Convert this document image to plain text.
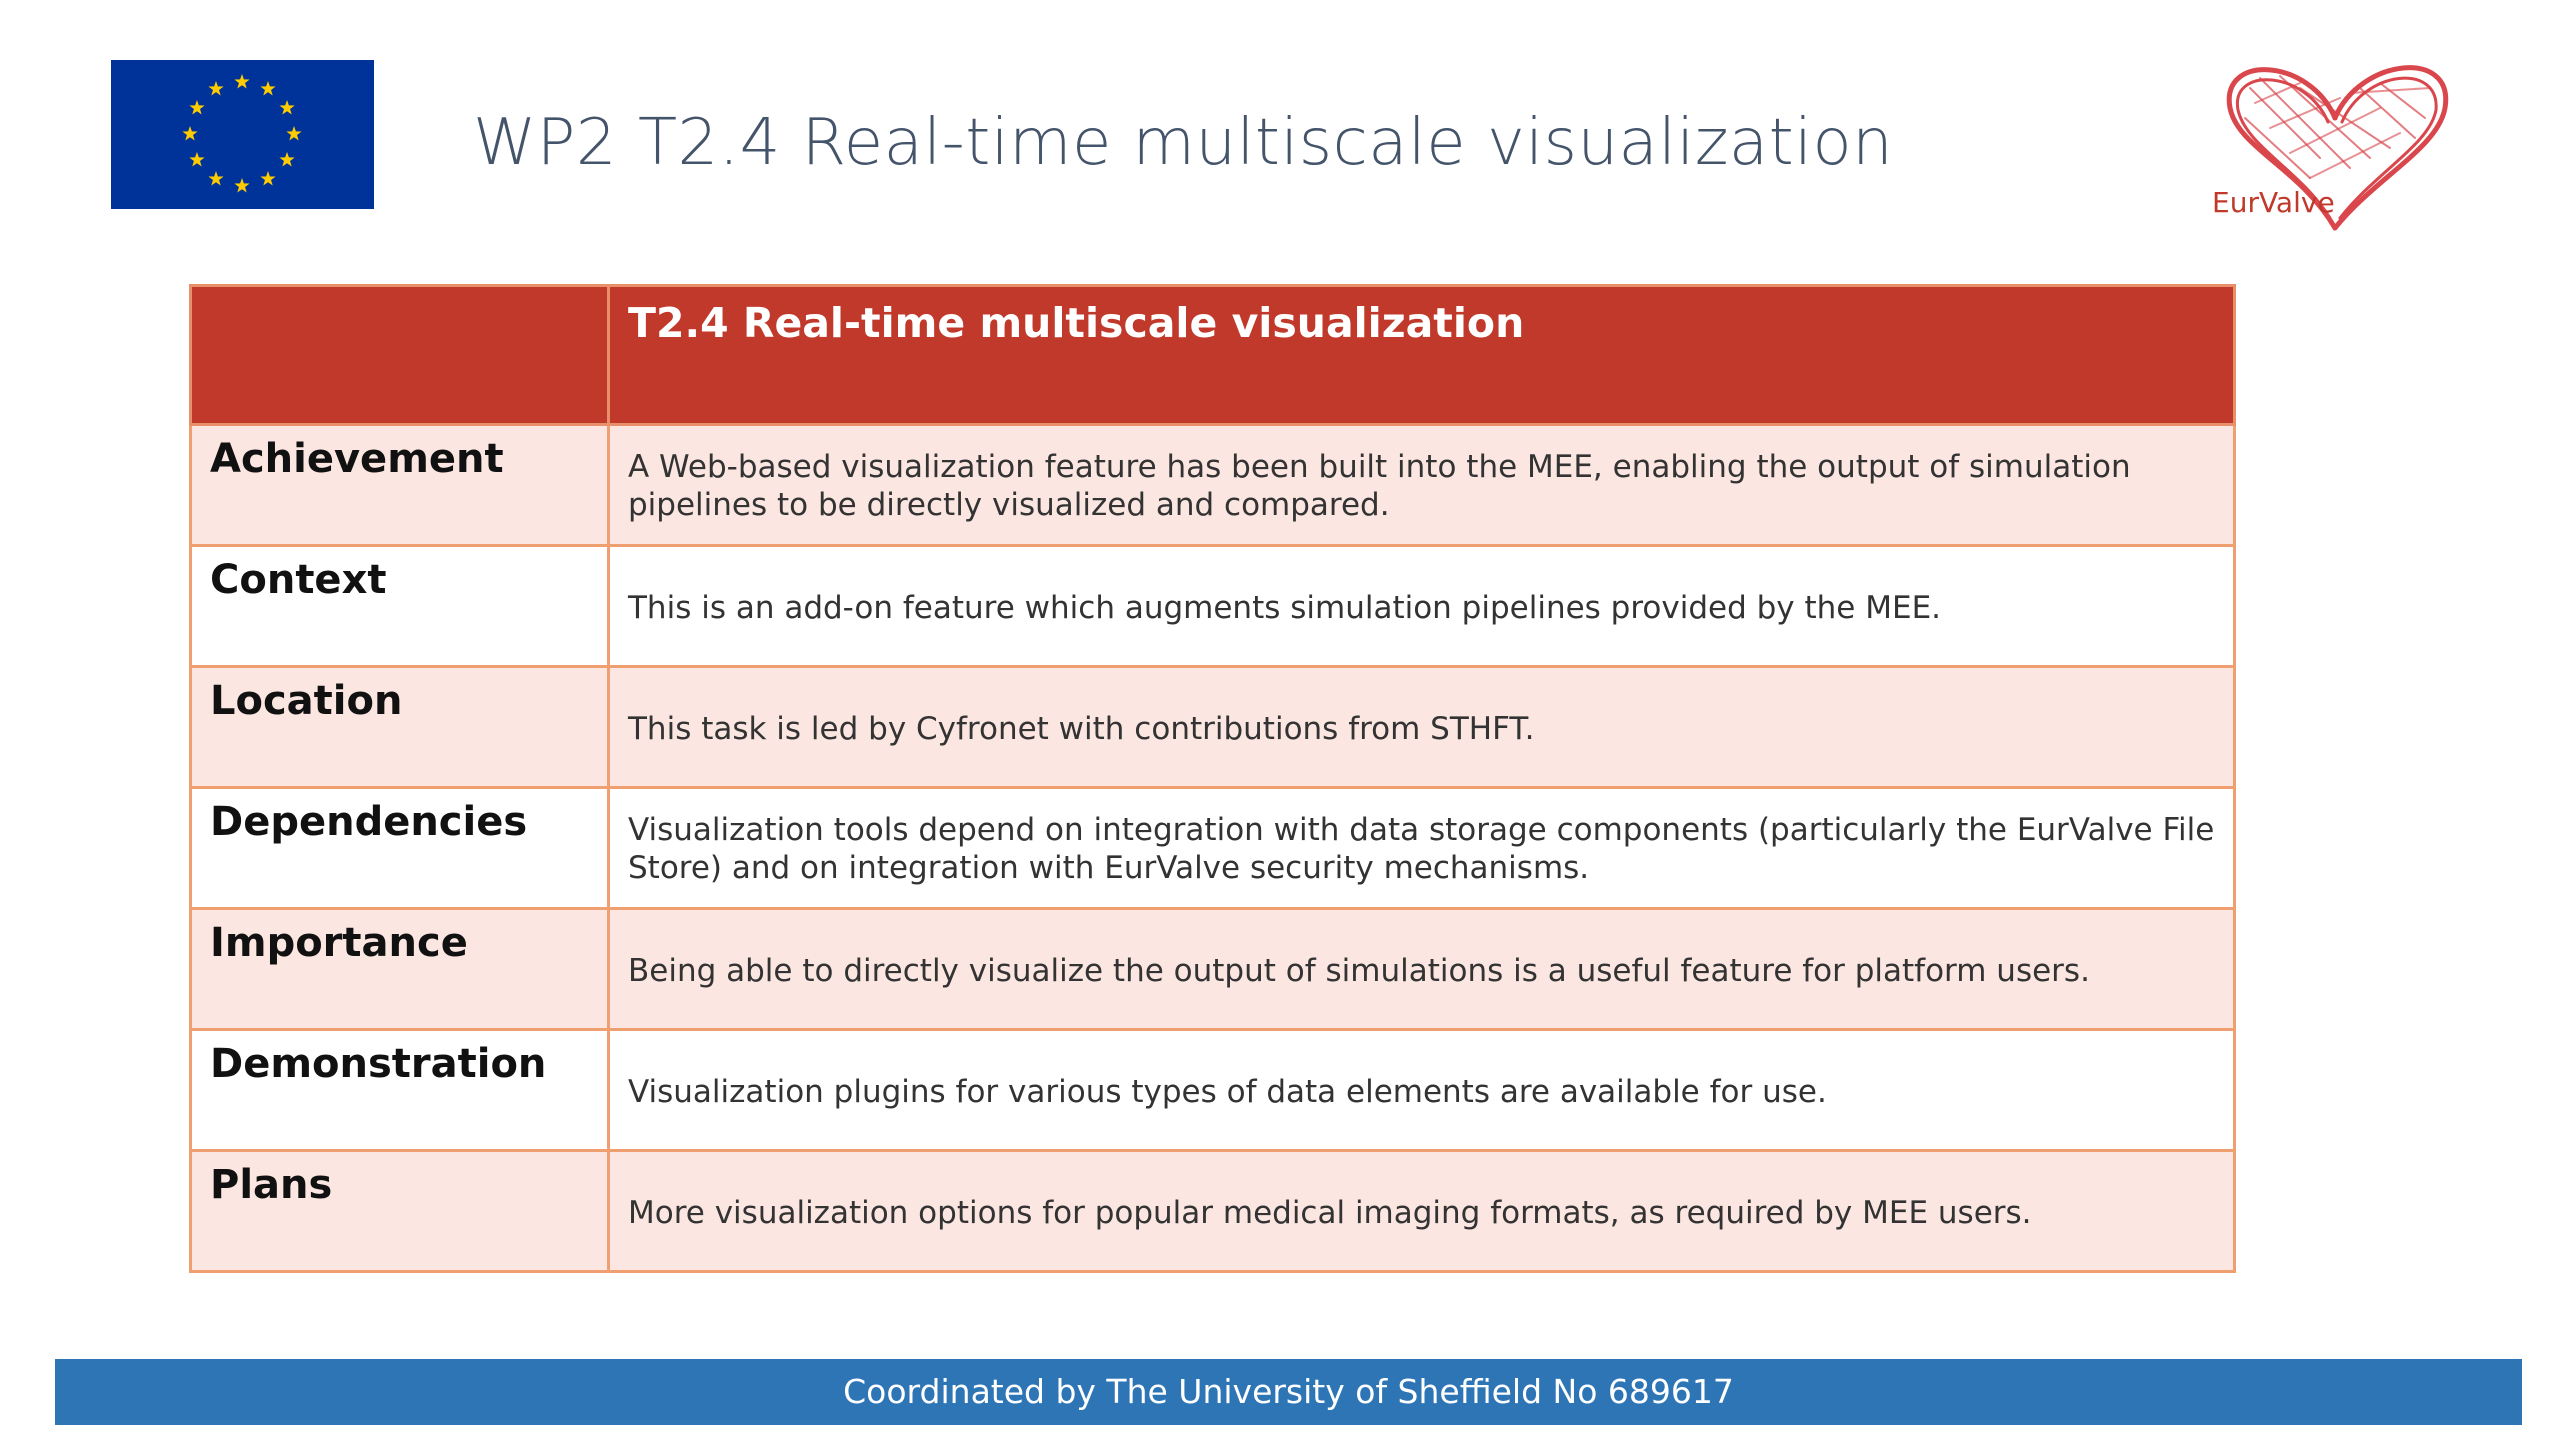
WP2 T2.4 Real-time multiscale visualization
EurValve
	T2.4 Real-time multiscale visualization
Achievement	A Web-based visualization feature has been built into the MEE, enabling the output of simulation pipelines to be directly visualized and compared.

Context	This is an add-on feature which augments simulation pipelines provided by the MEE.

Location	This task is led by Cyfronet with contributions from STHFT.

Dependencies	Visualization tools depend on integration with data storage components (particularly the EurValve File Store) and on integration with EurValve security mechanisms.

Importance	Being able to directly visualize the output of simulations is a useful feature for platform users.

Demonstration	Visualization plugins for various types of data elements are available for use.

Plans	More visualization options for popular medical imaging formats, as required by MEE users.
Coordinated by The University of Sheffield No 689617
